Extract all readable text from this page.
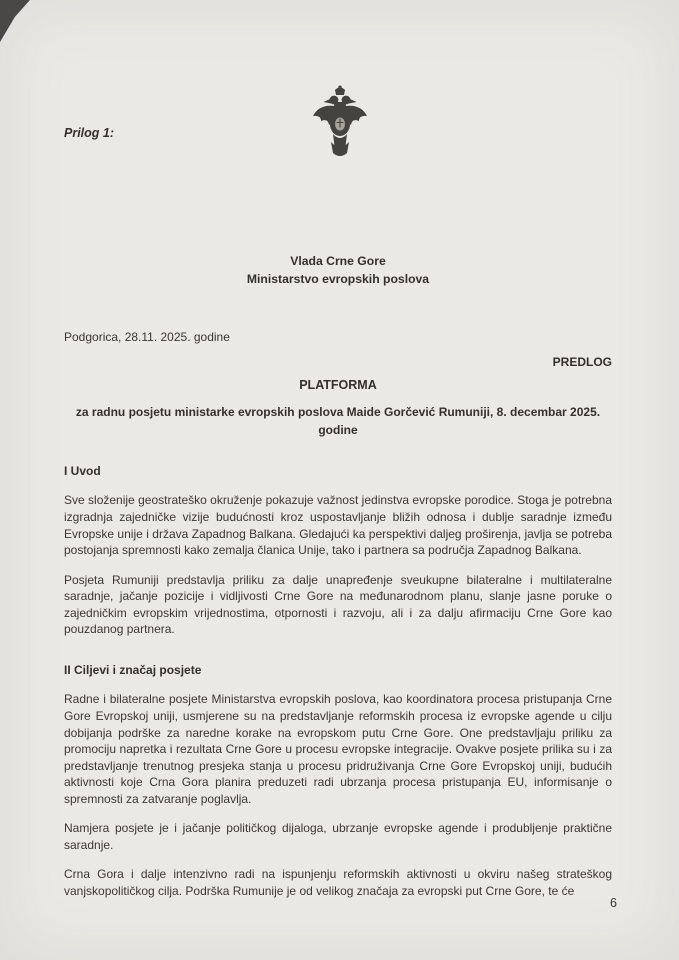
Prilog 1:
Vlada Crne Gore
Ministarstvo evropskih poslova
Podgorica, 28.11. 2025. godine
PREDLOG
PLATFORMA
za radnu posjetu ministarke evropskih poslova Maide Gorčević Rumuniji, 8. decembar 2025. godine
I Uvod

Sve složenije geostrateško okruženje pokazuje važnost jedinstva evropske porodice. Stoga je potrebna izgradnja zajedničke vizije budućnosti kroz uspostavljanje bližih odnosa i dublje saradnje između Evropske unije i država Zapadnog Balkana. Gledajući ka perspektivi daljeg proširenja, javlja se potreba postojanja spremnosti kako zemalja članica Unije, tako i partnera sa područja Zapadnog Balkana.

Posjeta Rumuniji predstavlja priliku za dalje unapređenje sveukupne bilateralne i multilateralne saradnje, jačanje pozicije i vidljivosti Crne Gore na međunarodnom planu, slanje jasne poruke o zajedničkim evropskim vrijednostima, otpornosti i razvoju, ali i za dalju afirmaciju Crne Gore kao pouzdanog partnera.

II Ciljevi i značaj posjete

Radne i bilateralne posjete Ministarstva evropskih poslova, kao koordinatora procesa pristupanja Crne Gore Evropskoj uniji, usmjerene su na predstavljanje reformskih procesa iz evropske agende u cilju dobijanja podrške za naredne korake na evropskom putu Crne Gore. One predstavljaju priliku za promociju napretka i rezultata Crne Gore u procesu evropske integracije. Ovakve posjete prilika su i za predstavljanje trenutnog presjeka stanja u procesu pridruživanja Crne Gore Evropskoj uniji, budućih aktivnosti koje Crna Gora planira preduzeti radi ubrzanja procesa pristupanja EU, informisanje o spremnosti za zatvaranje poglavlja.

Namjera posjete je i jačanje političkog dijaloga, ubrzanje evropske agende i produbljenje praktične saradnje.

Crna Gora i dalje intenzivno radi na ispunjenju reformskih aktivnosti u okviru našeg strateškog vanjskopolitičkog cilja. Podrška Rumunije je od velikog značaja za evropski put Crne Gore, te će

6
